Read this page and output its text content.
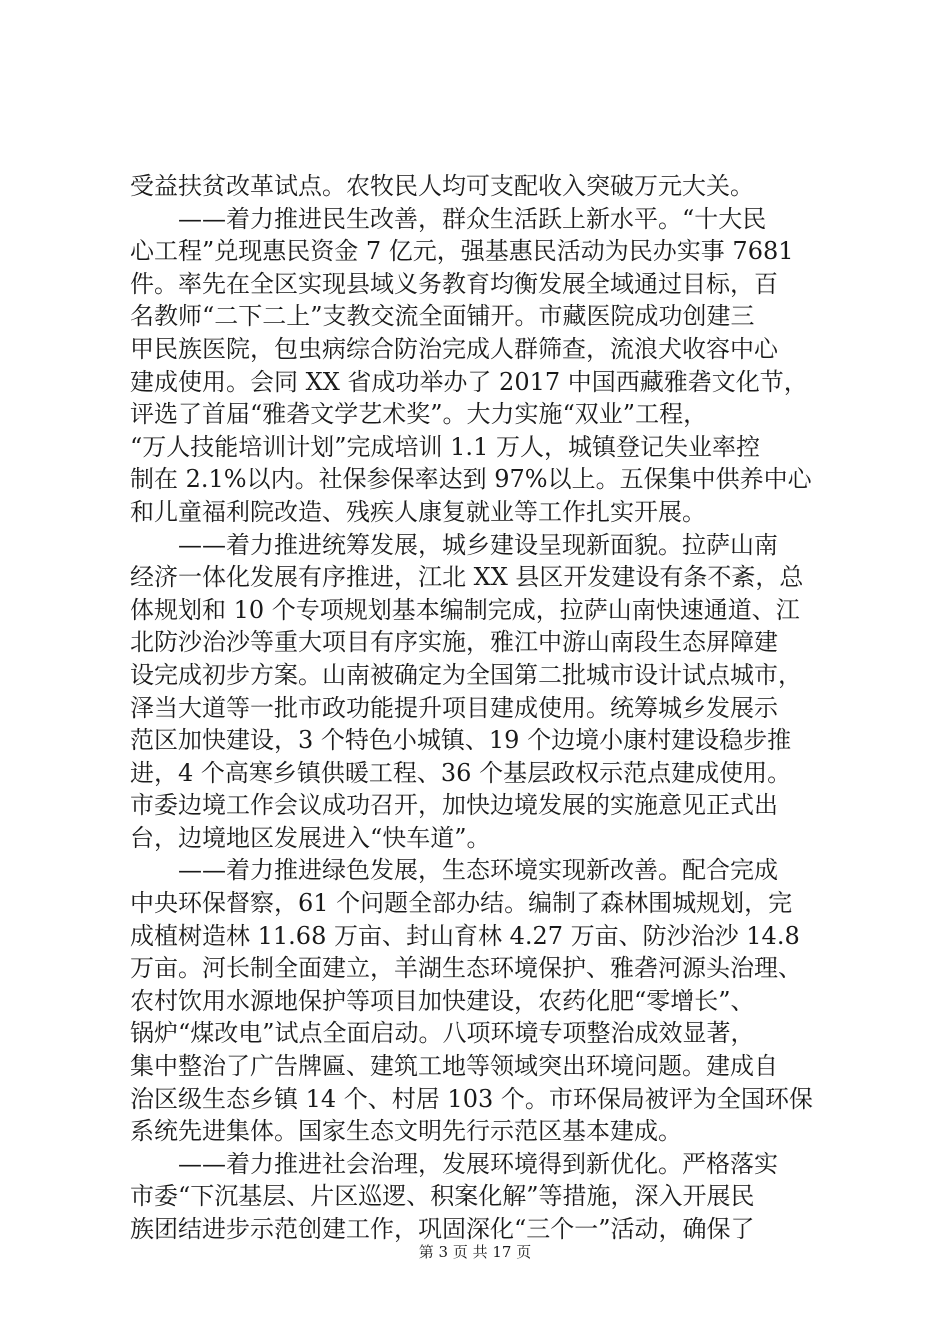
受益扶贫改革试点。农牧民人均可支配收入突破万元大关。
　　——着力推进民生改善，群众生活跃上新水平。“十大民
心工程”兑现惠民资金 7 亿元，强基惠民活动为民办实事 7681
件。率先在全区实现县域义务教育均衡发展全域通过目标，百
名教师“二下二上”支教交流全面铺开。市藏医院成功创建三
甲民族医院，包虫病综合防治完成人群筛查，流浪犬收容中心
建成使用。会同 XX 省成功举办了 2017 中国西藏雅砻文化节，
评选了首届“雅砻文学艺术奖”。大力实施“双业”工程，
“万人技能培训计划”完成培训 1.1 万人，城镇登记失业率控
制在 2.1%以内。社保参保率达到 97%以上。五保集中供养中心
和儿童福利院改造、残疾人康复就业等工作扎实开展。
　　——着力推进统筹发展，城乡建设呈现新面貌。拉萨山南
经济一体化发展有序推进，江北 XX 县区开发建设有条不紊，总
体规划和 10 个专项规划基本编制完成，拉萨山南快速通道、江
北防沙治沙等重大项目有序实施，雅江中游山南段生态屏障建
设完成初步方案。山南被确定为全国第二批城市设计试点城市，
泽当大道等一批市政功能提升项目建成使用。统筹城乡发展示
范区加快建设，3 个特色小城镇、19 个边境小康村建设稳步推
进，4 个高寒乡镇供暖工程、36 个基层政权示范点建成使用。
市委边境工作会议成功召开，加快边境发展的实施意见正式出
台，边境地区发展进入“快车道”。
　　——着力推进绿色发展，生态环境实现新改善。配合完成
中央环保督察，61 个问题全部办结。编制了森林围城规划，完
成植树造林 11.68 万亩、封山育林 4.27 万亩、防沙治沙 14.8
万亩。河长制全面建立，羊湖生态环境保护、雅砻河源头治理、
农村饮用水源地保护等项目加快建设，农药化肥“零增长”、
锅炉“煤改电”试点全面启动。八项环境专项整治成效显著，
集中整治了广告牌匾、建筑工地等领域突出环境问题。建成自
治区级生态乡镇 14 个、村居 103 个。市环保局被评为全国环保
系统先进集体。国家生态文明先行示范区基本建成。
　　——着力推进社会治理，发展环境得到新优化。严格落实
市委“下沉基层、片区巡逻、积案化解”等措施，深入开展民
族团结进步示范创建工作，巩固深化“三个一”活动，确保了
第 3 页 共 17 页
